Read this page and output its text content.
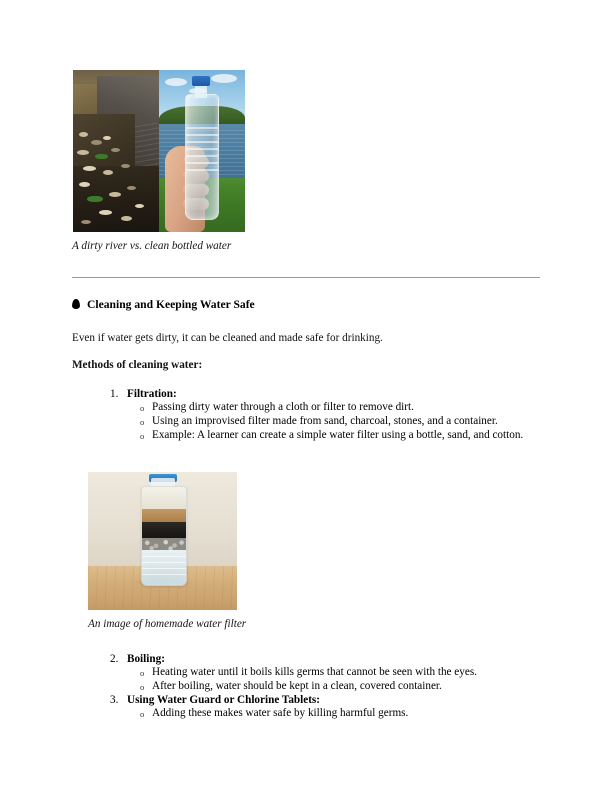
A dirty river vs. clean bottled water
Cleaning and Keeping Water Safe
Even if water gets dirty, it can be cleaned and made safe for drinking.
Methods of cleaning water:
1. Filtration:
o Passing dirty water through a cloth or filter to remove dirt.
o Using an improvised filter made from sand, charcoal, stones, and a container.
o Example: A learner can create a simple water filter using a bottle, sand, and cotton.
An image of homemade water filter
2. Boiling:
o Heating water until it boils kills germs that cannot be seen with the eyes.
o After boiling, water should be kept in a clean, covered container.
3. Using Water Guard or Chlorine Tablets:
o Adding these makes water safe by killing harmful germs.
